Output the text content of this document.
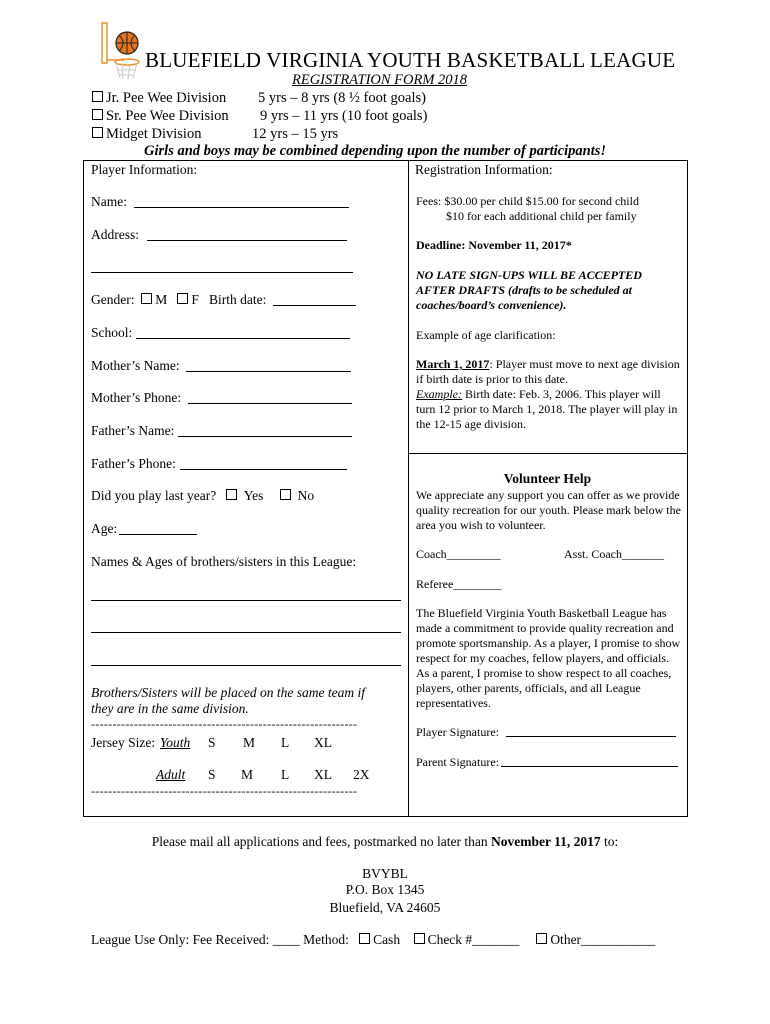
BLUEFIELD VIRGINIA YOUTH BASKETBALL LEAGUE
REGISTRATION FORM 2018
Jr. Pee Wee Division 5 yrs – 8 yrs (8 ½ foot goals)
Sr. Pee Wee Division 9 yrs – 11 yrs (10 foot goals)
Midget Division	12 yrs – 15 yrs
Girls and boys may be combined depending upon the number of participants!
Player Information:
Name:
Address:
Gender: M F Birth date:
School:
Mother’s Name:
Mother’s Phone:
Father’s Name:
Father’s Phone:
Did you play last year? Yes	No
Age:
Names & Ages of brothers/sisters in this League:
Brothers/Sisters will be placed on the same team if
they are in the same division.
--------------------------------------------------------------
Jersey Size: Youth S M L XL
Adult S M L XL 2X
--------------------------------------------------------------
Registration Information:
Fees: $30.00 per child $15.00 for second child
$10 for each additional child per family
Deadline: November 11, 2017*
NO LATE SIGN-UPS WILL BE ACCEPTED AFTER DRAFTS (drafts to be scheduled at coaches/board’s convenience).
Example of age clarification:
March 1, 2017: Player must move to next age division if birth date is prior to this date.
Example: Birth date: Feb. 3, 2006. This player will turn 12 prior to March 1, 2018. The player will play in the 12-15 age division.
Volunteer Help
We appreciate any support you can offer as we provide quality recreation for our youth. Please mark below the area you wish to volunteer.
Coach_________	Asst. Coach_______
Referee________
The Bluefield Virginia Youth Basketball League has made a commitment to provide quality recreation and promote sportsmanship. As a player, I promise to show respect for my coaches, fellow players, and officials. As a parent, I promise to show respect to all coaches, players, other parents, officials, and all League representatives.
Player Signature:
Parent Signature:
Please mail all applications and fees, postmarked no later than November 11, 2017 to:
BVYBL
P.O. Box 1345
Bluefield, VA 24605
League Use Only: Fee Received: ____ Method: Cash Check #_______ Other___________
